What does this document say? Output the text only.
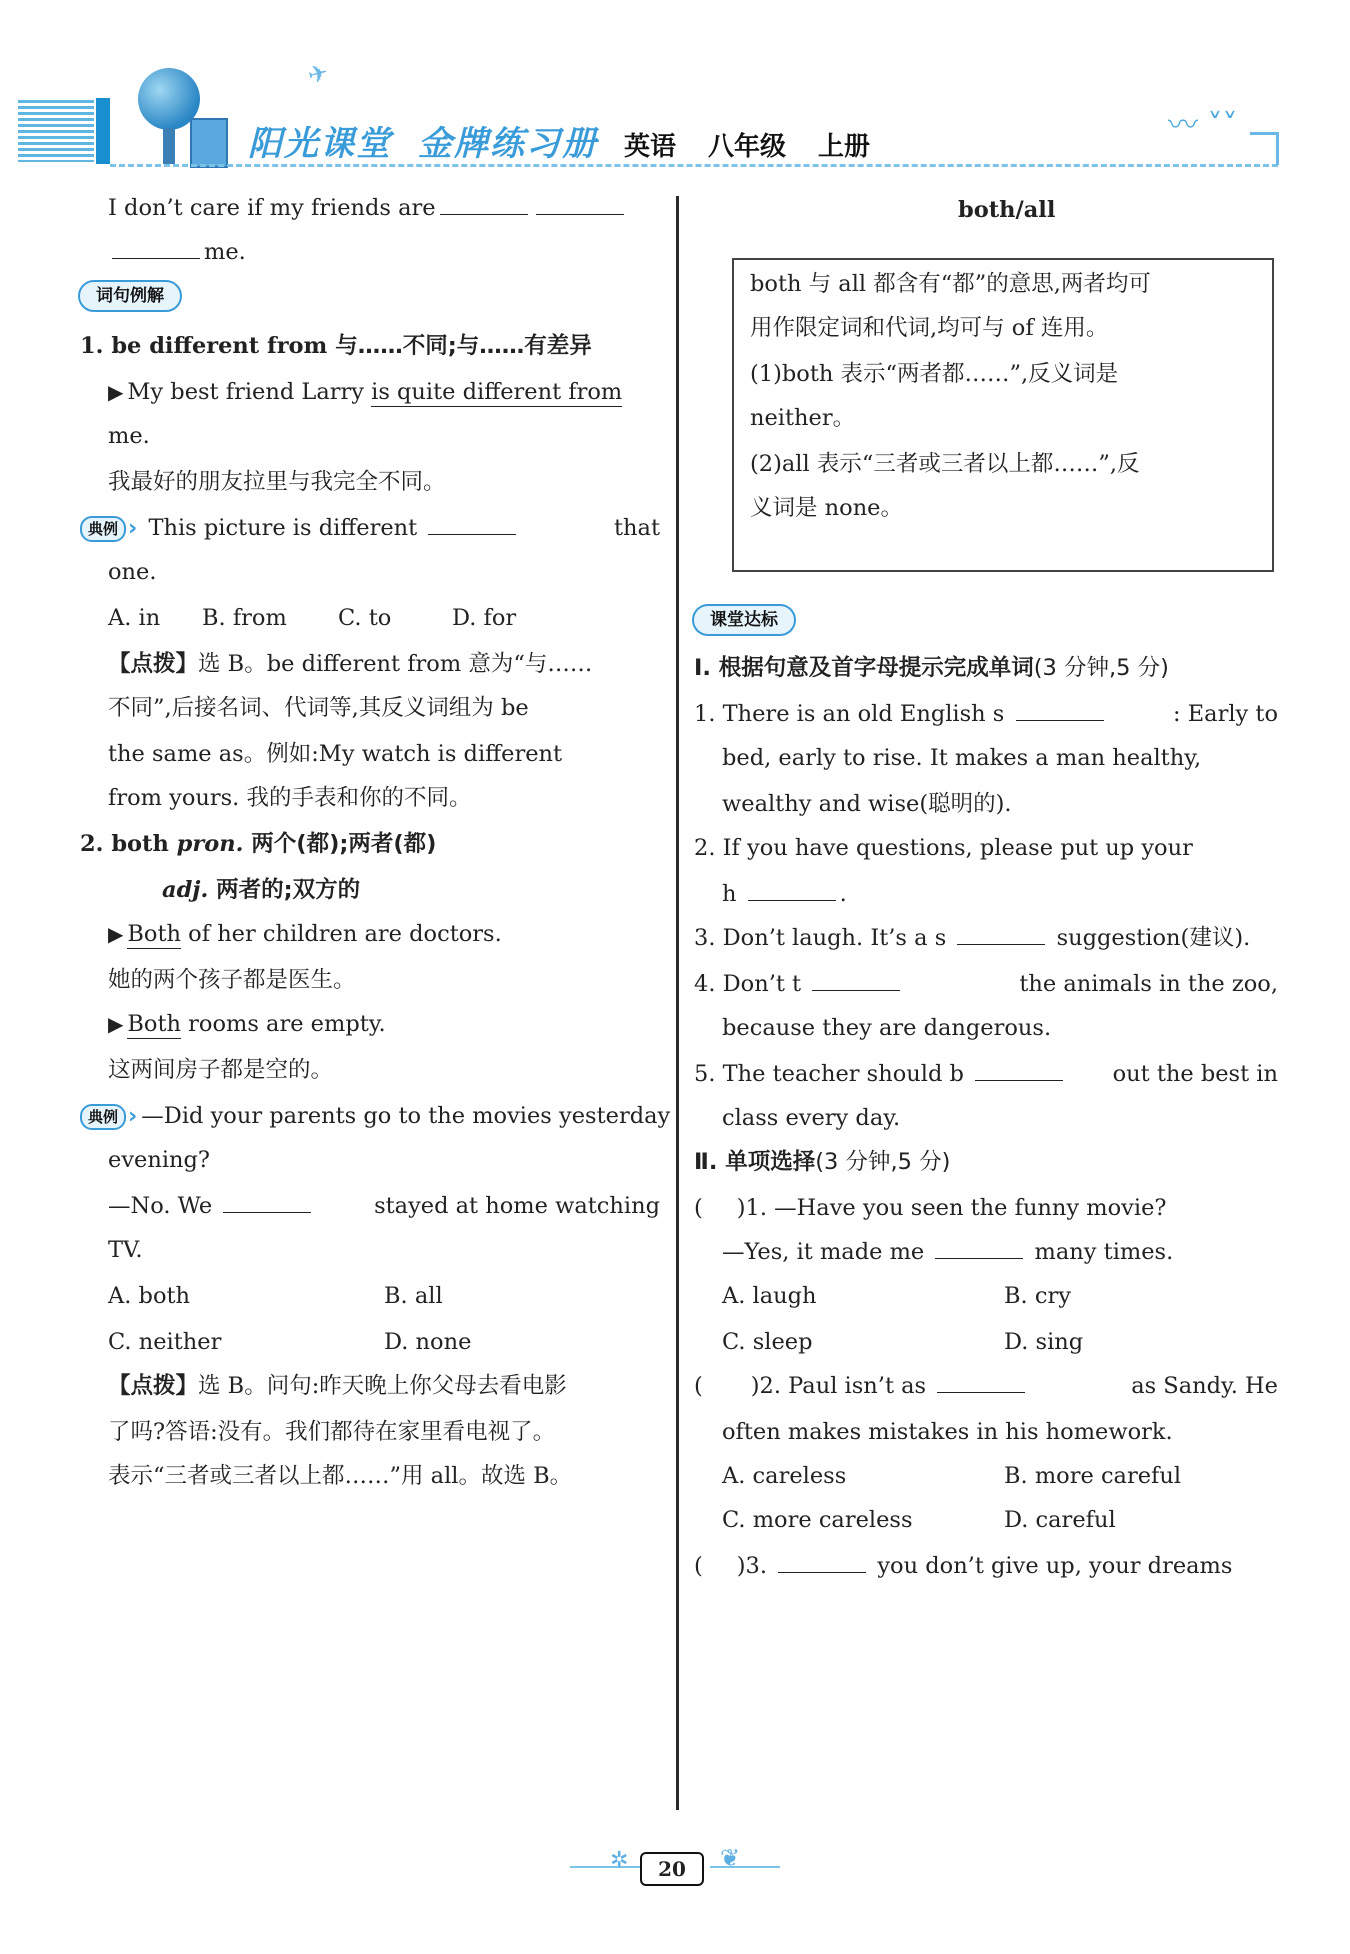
✈
阳光课堂 金牌练习册 英语 八年级 上册
〰 ˅˅
I don’t care if my friends are
me.
词句例解
1. be different from 与……不同;与……有差异
▶ My best friend Larry is quite different from
me.
我最好的朋友拉里与我完全不同。
典例 › This picture is different	that
one.
A. in B. from C. to	D. for
【点拨】选 B。be different from 意为“与……
不同”,后接名词、代词等,其反义词组为 be
the same as。例如:My watch is different
from yours. 我的手表和你的不同。
2. both pron. 两个(都);两者(都)
adj. 两者的;双方的
▶ Both of her children are doctors.
她的两个孩子都是医生。
▶ Both rooms are empty.
这两间房子都是空的。
典例 › —Did your parents go to the movies yesterday
evening?
—No. We	stayed at home watching
TV.
A. both	B. all
C. neither	D. none
【点拨】选 B。问句:昨天晚上你父母去看电影
了吗?答语:没有。我们都待在家里看电视了。
表示“三者或三者以上都……”用 all。故选 B。
both/all
both 与 all 都含有“都”的意思,两者均可
用作限定词和代词,均可与 of 连用。
(1)both 表示“两者都……”,反义词是
neither。
(2)all 表示“三者或三者以上都……”,反
义词是 none。
课堂达标
Ⅰ. 根据句意及首字母提示完成单词(3 分钟,5 分)
1. There is an old English s	: Early to
bed, early to rise. It makes a man healthy,
wealthy and wise(聪明的).
2. If you have questions, please put up your
h	.
3. Don’t laugh. It’s a s	suggestion(建议).
4. Don’t t	the animals in the zoo,
because they are dangerous.
5. The teacher should b	out the best in
class every day.
Ⅱ. 单项选择(3 分钟,5 分)
( )1. —Have you seen the funny movie?
—Yes, it made me	many times.
A. laugh	B. cry
C. sleep	D. sing
( )2. Paul isn’t as	as Sandy. He
often makes mistakes in his homework.
A. careless	B. more careful
C. more careless	D. careful
( )3.	you don’t give up, your dreams
✲	❦
20
